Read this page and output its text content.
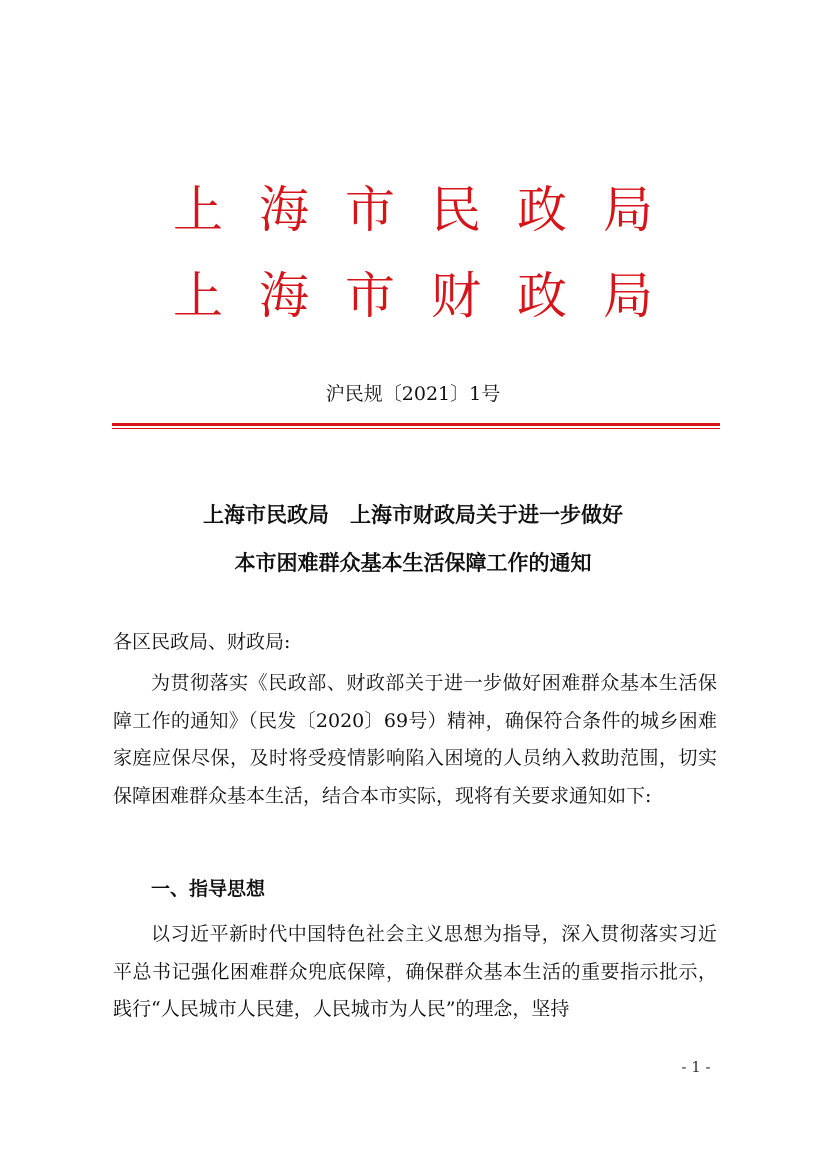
上海市民政局
上海市财政局
沪民规〔2021〕1号
上海市民政局　上海市财政局关于进一步做好
本市困难群众基本生活保障工作的通知
各区民政局、财政局:
为贯彻落实《民政部、财政部关于进一步做好困难群众基本生活保障工作的通知》（民发〔2020〕69号）精神，确保符合条件的城乡困难家庭应保尽保，及时将受疫情影响陷入困境的人员纳入救助范围，切实保障困难群众基本生活，结合本市实际，现将有关要求通知如下:
一、指导思想
以习近平新时代中国特色社会主义思想为指导，深入贯彻落实习近平总书记强化困难群众兜底保障，确保群众基本生活的重要指示批示，践行“人民城市人民建，人民城市为人民”的理念，坚持
- 1 -
